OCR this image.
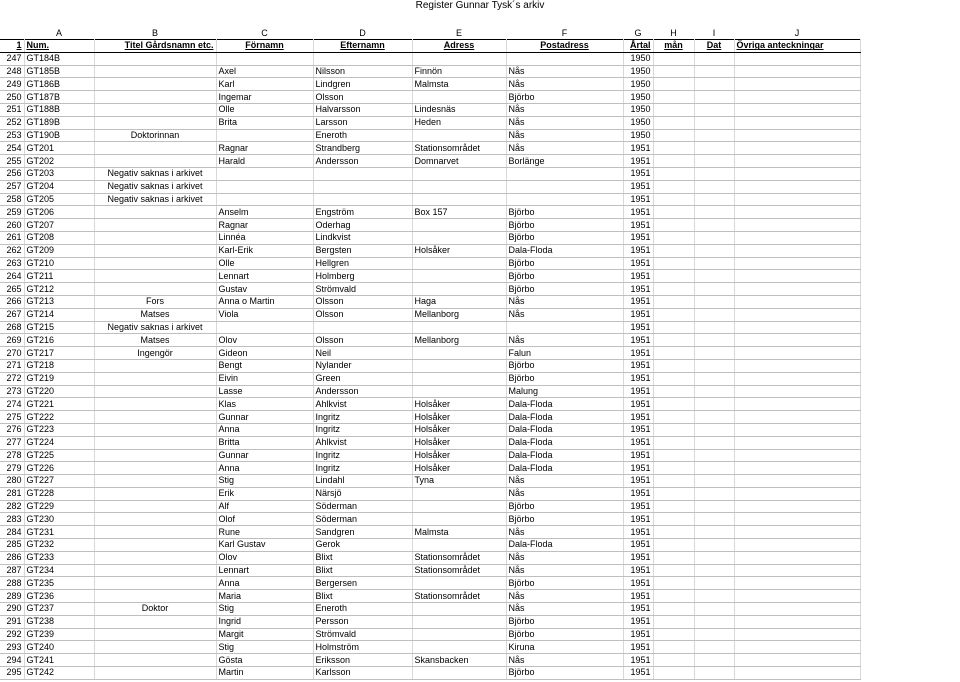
Register Gunnar Tysk´s arkiv
	A	B	C	D	E	F	G	H	I	J
1	Num.	Titel Gårdsnamn etc.	Förnamn	Efternamn	Adress	Postadress	Årtal	mån	Dat	Övriga anteckningar
247	GT184B						1950			
248	GT185B		Axel	Nilsson	Finnön	Nås	1950			
249	GT186B		Karl	Lindgren	Malmsta	Nås	1950			
250	GT187B		Ingemar	Olsson		Björbo	1950			
251	GT188B		Olle	Halvarsson	Lindesnäs	Nås	1950			
252	GT189B		Brita	Larsson	Heden	Nås	1950			
253	GT190B	Doktorinnan		Eneroth		Nås	1950			
254	GT201		Ragnar	Strandberg	Stationsområdet	Nås	1951			
255	GT202		Harald	Andersson	Domnarvet	Borlänge	1951			
256	GT203	Negativ saknas i arkivet					1951			
257	GT204	Negativ saknas i arkivet					1951			
258	GT205	Negativ saknas i arkivet					1951			
259	GT206		Anselm	Engström	Box 157	Björbo	1951			
260	GT207		Ragnar	Oderhag		Björbo	1951			
261	GT208		Linnéa	Lindkvist		Björbo	1951			
262	GT209		Karl-Erik	Bergsten	Holsåker	Dala-Floda	1951			
263	GT210		Olle	Hellgren		Björbo	1951			
264	GT211		Lennart	Holmberg		Björbo	1951			
265	GT212		Gustav	Strömvald		Björbo	1951			
266	GT213	Fors	Anna o Martin	Olsson	Haga	Nås	1951			
267	GT214	Matses	Viola	Olsson	Mellanborg	Nås	1951			
268	GT215	Negativ saknas i arkivet					1951			
269	GT216	Matses	Olov	Olsson	Mellanborg	Nås	1951			
270	GT217	Ingengör	Gideon	Neil		Falun	1951			
271	GT218		Bengt	Nylander		Björbo	1951			
272	GT219		Eivin	Green		Björbo	1951			
273	GT220		Lasse	Andersson		Malung	1951			
274	GT221		Klas	Ahlkvist	Holsåker	Dala-Floda	1951			
275	GT222		Gunnar	Ingritz	Holsåker	Dala-Floda	1951			
276	GT223		Anna	Ingritz	Holsåker	Dala-Floda	1951			
277	GT224		Britta	Ahlkvist	Holsåker	Dala-Floda	1951			
278	GT225		Gunnar	Ingritz	Holsåker	Dala-Floda	1951			
279	GT226		Anna	Ingritz	Holsåker	Dala-Floda	1951			
280	GT227		Stig	Lindahl	Tyna	Nås	1951			
281	GT228		Erik	Närsjö		Nås	1951			
282	GT229		Alf	Söderman		Björbo	1951			
283	GT230		Olof	Söderman		Björbo	1951			
284	GT231		Rune	Sandgren	Malmsta	Nås	1951			
285	GT232		Karl Gustav	Gerok		Dala-Floda	1951			
286	GT233		Olov	Blixt	Stationsområdet	Nås	1951			
287	GT234		Lennart	Blixt	Stationsområdet	Nås	1951			
288	GT235		Anna	Bergersen		Björbo	1951			
289	GT236		Maria	Blixt	Stationsområdet	Nås	1951			
290	GT237	Doktor	Stig	Eneroth		Nås	1951			
291	GT238		Ingrid	Persson		Björbo	1951			
292	GT239		Margit	Strömvald		Björbo	1951			
293	GT240		Stig	Holmström		Kiruna	1951			
294	GT241		Gösta	Eriksson	Skansbacken	Nås	1951			
295	GT242		Martin	Karlsson		Björbo	1951			
